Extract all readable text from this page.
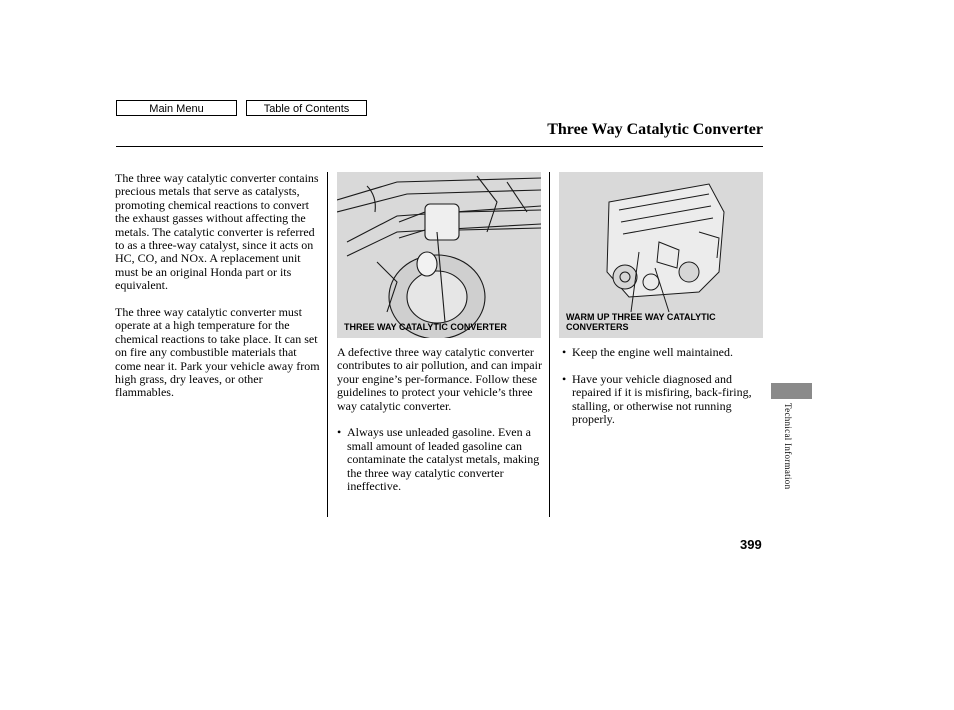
Main Menu	Table of Contents
Three Way Catalytic Converter

The three way catalytic converter contains precious metals that serve as catalysts, promoting chemical reactions to convert the exhaust gasses without affecting the metals. The catalytic converter is referred to as a three-way catalyst, since it acts on HC, CO, and NOx. A replacement unit must be an original Honda part or its equivalent.

The three way catalytic converter must operate at a high temperature for the chemical reactions to take place. It can set on fire any combustible materials that come near it. Park your vehicle away from high grass, dry leaves, or other flammables.

THREE WAY CATALYTIC CONVERTER
WARM UP THREE WAY CATALYTIC CONVERTERS

A defective three way catalytic converter contributes to air pollution, and can impair your engine’s per-formance. Follow these guidelines to protect your vehicle’s three way catalytic converter.

• Always use unleaded gasoline. Even a small amount of leaded gasoline can contaminate the catalyst metals, making the three way catalytic converter ineffective.
• Keep the engine well maintained.
• Have your vehicle diagnosed and repaired if it is misfiring, back-firing, stalling, or otherwise not running properly.	Technical Information
399
